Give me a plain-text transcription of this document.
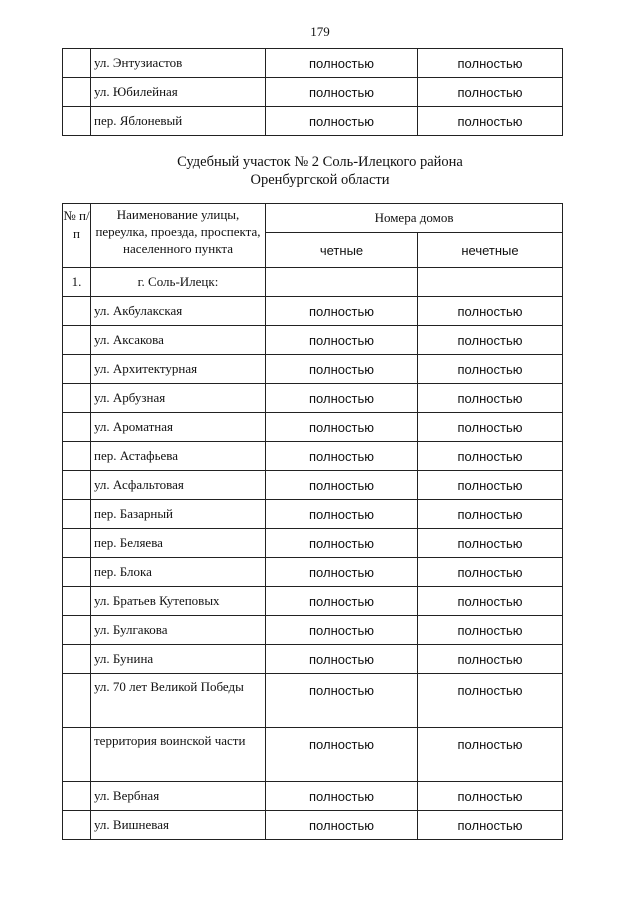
179
	ул. Энтузиастов	полностью	полностью
	ул. Юбилейная	полностью	полностью
	пер. Яблоневый	полностью	полностью
Судебный участок № 2 Соль-Илецкого района
Оренбургской области
№ п/п	Наименование улицы, переулка, проезда, проспекта, населенного пункта	Номера домов	
		четные	нечетные
1.	г. Соль-Илецк:		
	ул. Акбулакская	полностью	полностью
	ул. Аксакова	полностью	полностью
	ул. Архитектурная	полностью	полностью
	ул. Арбузная	полностью	полностью
	ул. Ароматная	полностью	полностью
	пер. Астафьева	полностью	полностью
	ул. Асфальтовая	полностью	полностью
	пер. Базарный	полностью	полностью
	пер. Беляева	полностью	полностью
	пер. Блока	полностью	полностью
	ул. Братьев Кутеповых	полностью	полностью
	ул. Булгакова	полностью	полностью
	ул. Бунина	полностью	полностью
	ул. 70 лет Великой Победы	полностью	полностью
	территория воинской части	полностью	полностью
	ул. Вербная	полностью	полностью
	ул. Вишневая	полностью	полностью
